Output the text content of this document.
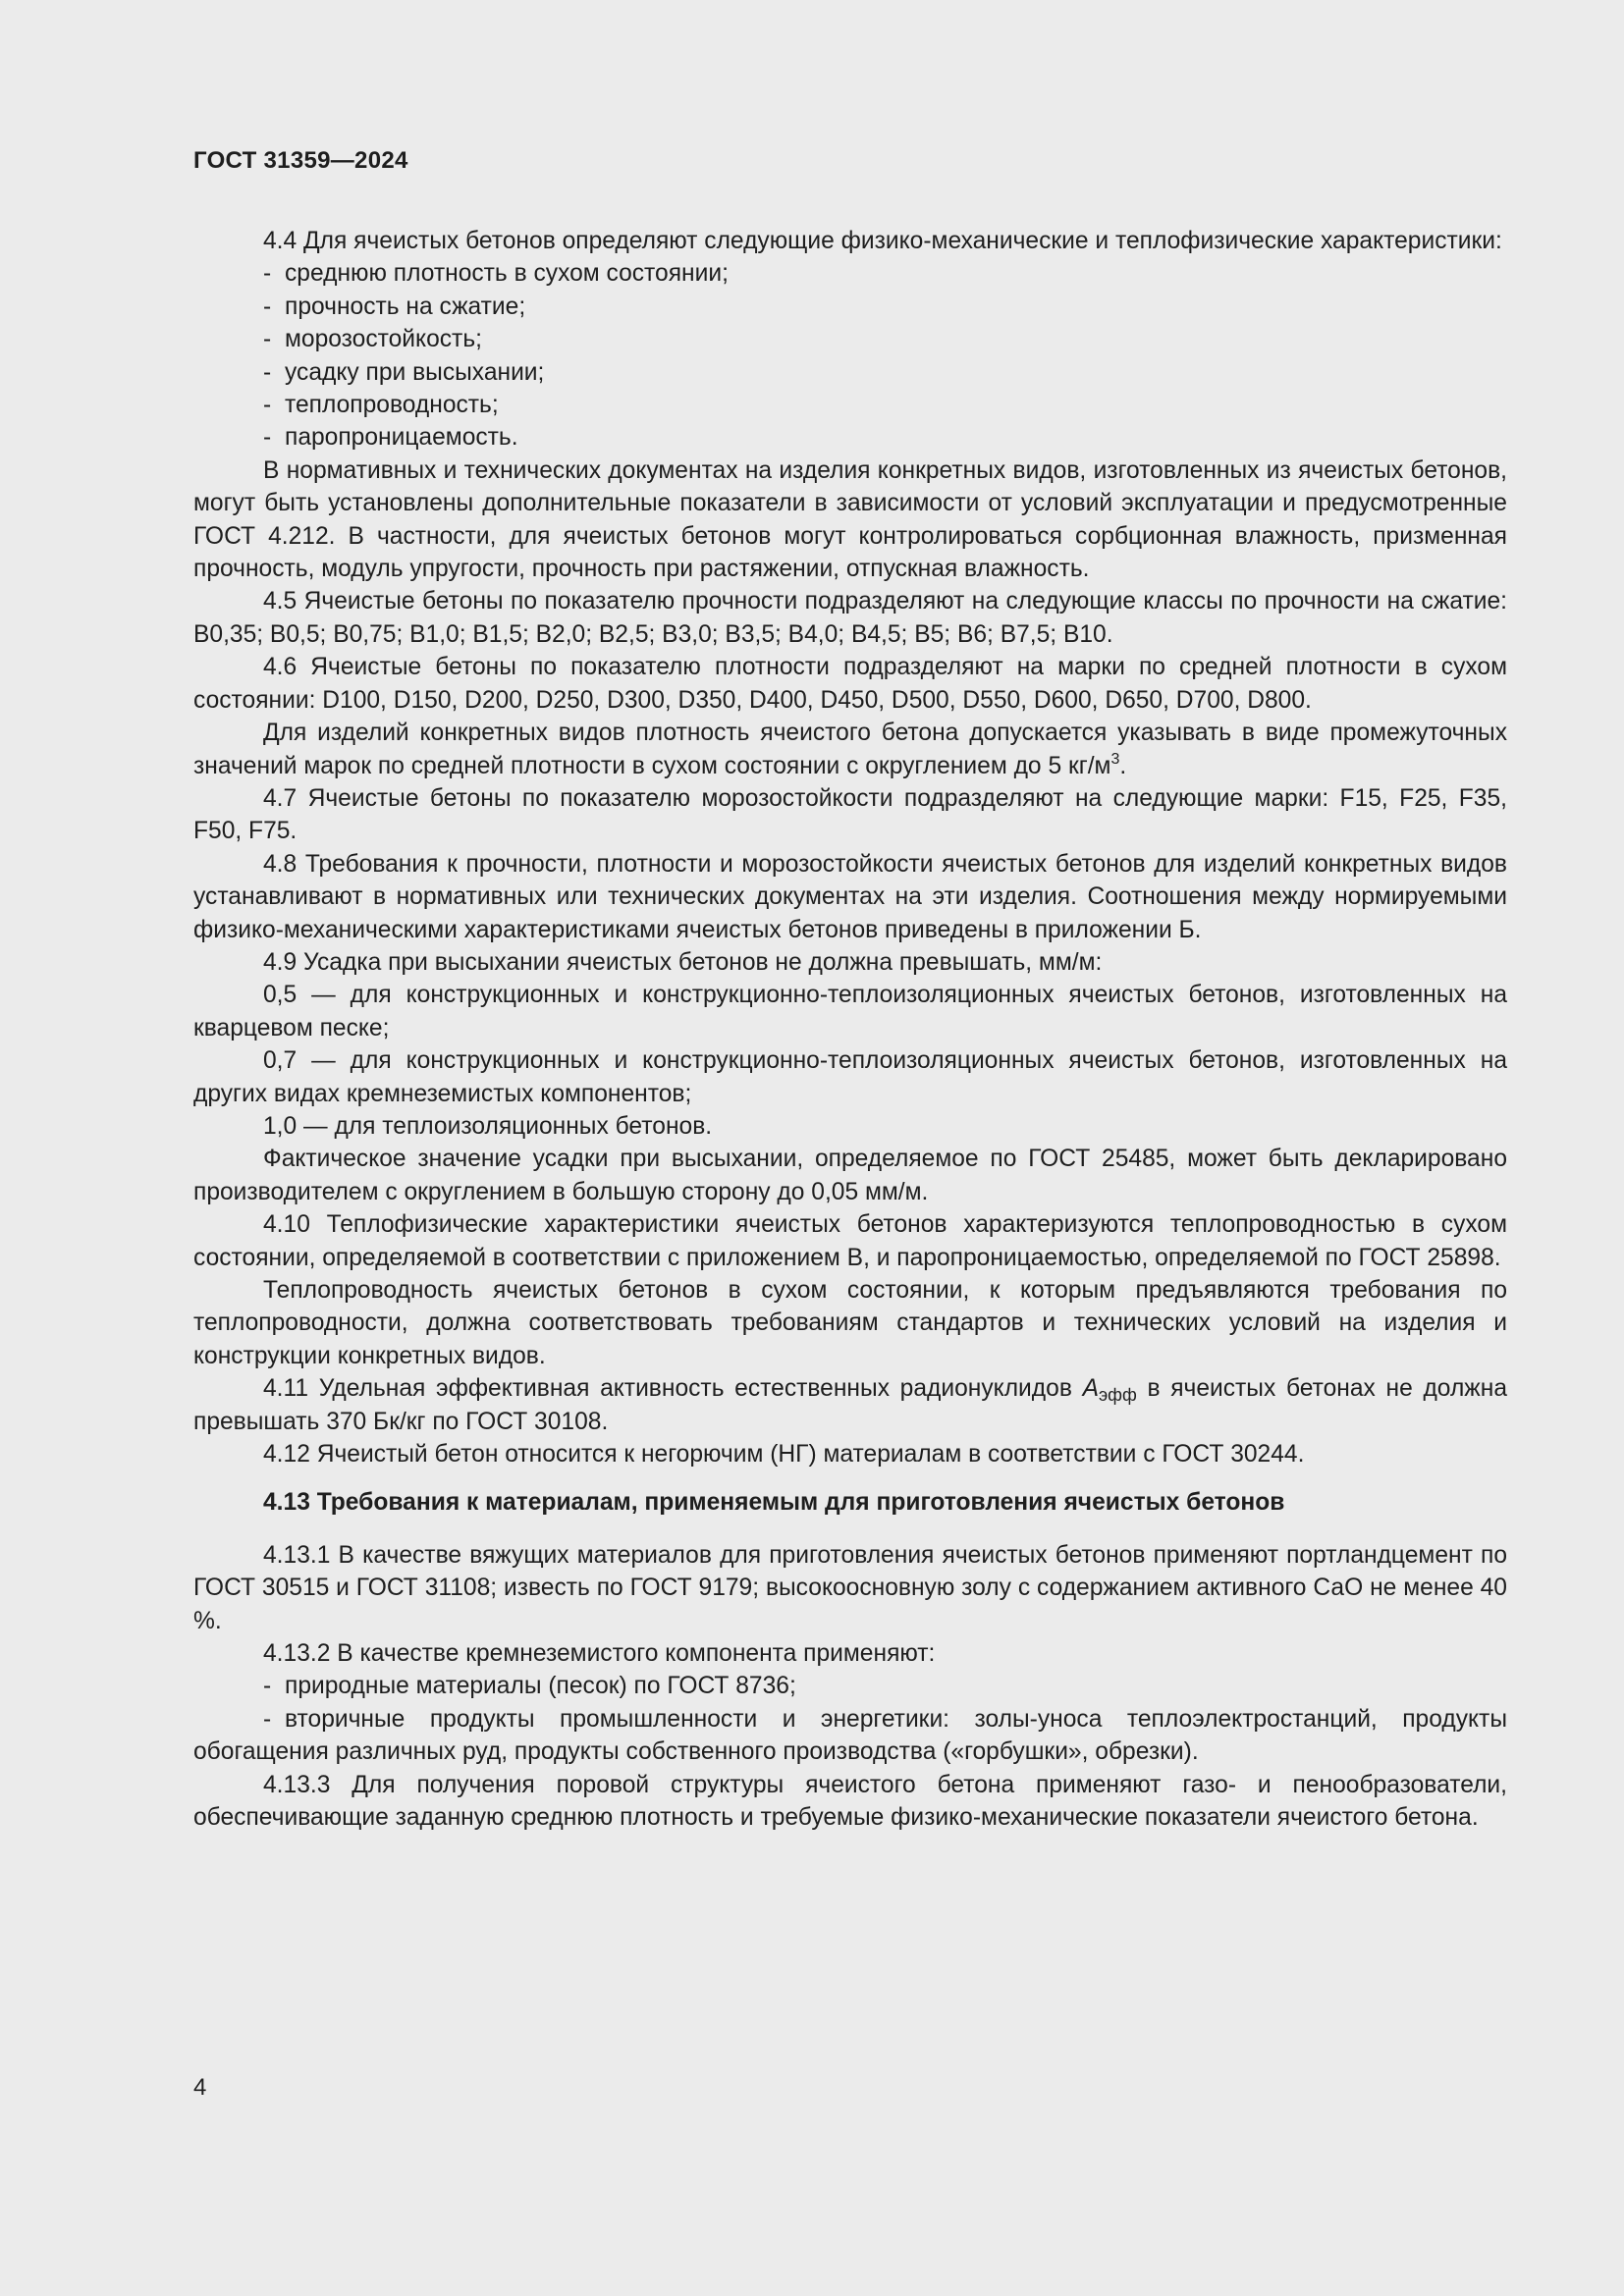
ГОСТ 31359—2024

4.4 Для ячеистых бетонов определяют следующие физико-механические и теплофизические характеристики:

- среднюю плотность в сухом состоянии;

- прочность на сжатие;

- морозостойкость;

- усадку при высыхании;

- теплопроводность;

- паропроницаемость.

В нормативных и технических документах на изделия конкретных видов, изготовленных из ячеистых бетонов, могут быть установлены дополнительные показатели в зависимости от условий эксплуатации и предусмотренные ГОСТ 4.212. В частности, для ячеистых бетонов могут контролироваться сорбционная влажность, призменная прочность, модуль упругости, прочность при растяжении, отпускная влажность.

4.5 Ячеистые бетоны по показателю прочности подразделяют на следующие классы по прочности на сжатие: В0,35; В0,5; В0,75; В1,0; В1,5; В2,0; В2,5; В3,0; В3,5; В4,0; В4,5; В5; В6; В7,5; В10.

4.6 Ячеистые бетоны по показателю плотности подразделяют на марки по средней плотности в сухом состоянии: D100, D150, D200, D250, D300, D350, D400, D450, D500, D550, D600, D650, D700, D800.

Для изделий конкретных видов плотность ячеистого бетона допускается указывать в виде промежуточных значений марок по средней плотности в сухом состоянии с округлением до 5 $кг/м^3$.

4.7 Ячеистые бетоны по показателю морозостойкости подразделяют на следующие марки: F15, F25, F35, F50, F75.

4.8 Требования к прочности, плотности и морозостойкости ячеистых бетонов для изделий конкретных видов устанавливают в нормативных или технических документах на эти изделия. Соотношения между нормируемыми физико-механическими характеристиками ячеистых бетонов приведены в приложении Б.

4.9 Усадка при высыхании ячеистых бетонов не должна превышать, мм/м:

0,5 — для конструкционных и конструкционно-теплоизоляционных ячеистых бетонов, изготовленных на кварцевом песке;

0,7 — для конструкционных и конструкционно-теплоизоляционных ячеистых бетонов, изготовленных на других видах кремнеземистых компонентов;

1,0 — для теплоизоляционных бетонов.

Фактическое значение усадки при высыхании, определяемое по ГОСТ 25485, может быть декларировано производителем с округлением в большую сторону до 0,05 мм/м.

4.10 Теплофизические характеристики ячеистых бетонов характеризуются теплопроводностью в сухом состоянии, определяемой в соответствии с приложением В, и паропроницаемостью, определяемой по ГОСТ 25898.

Теплопроводность ячеистых бетонов в сухом состоянии, к которым предъявляются требования по теплопроводности, должна соответствовать требованиям стандартов и технических условий на изделия и конструкции конкретных видов.

4.11 Удельная эффективная активность естественных радионуклидов $A_{эфф}$ в ячеистых бетонах не должна превышать 370 Бк/кг по ГОСТ 30108.

4.12 Ячеистый бетон относится к негорючим (НГ) материалам в соответствии с ГОСТ 30244.

4.13 Требования к материалам, применяемым для приготовления ячеистых бетонов

4.13.1 В качестве вяжущих материалов для приготовления ячеистых бетонов применяют портландцемент по ГОСТ 30515 и ГОСТ 31108; известь по ГОСТ 9179; высокоосновную золу с содержанием активного СаО не менее 40 %.

4.13.2 В качестве кремнеземистого компонента применяют:

- природные материалы (песок) по ГОСТ 8736;

- вторичные продукты промышленности и энергетики: золы-уноса теплоэлектростанций, продукты обогащения различных руд, продукты собственного производства («горбушки», обрезки).

4.13.3 Для получения поровой структуры ячеистого бетона применяют газо- и пенообразователи, обеспечивающие заданную среднюю плотность и требуемые физико-механические показатели ячеистого бетона.

4
